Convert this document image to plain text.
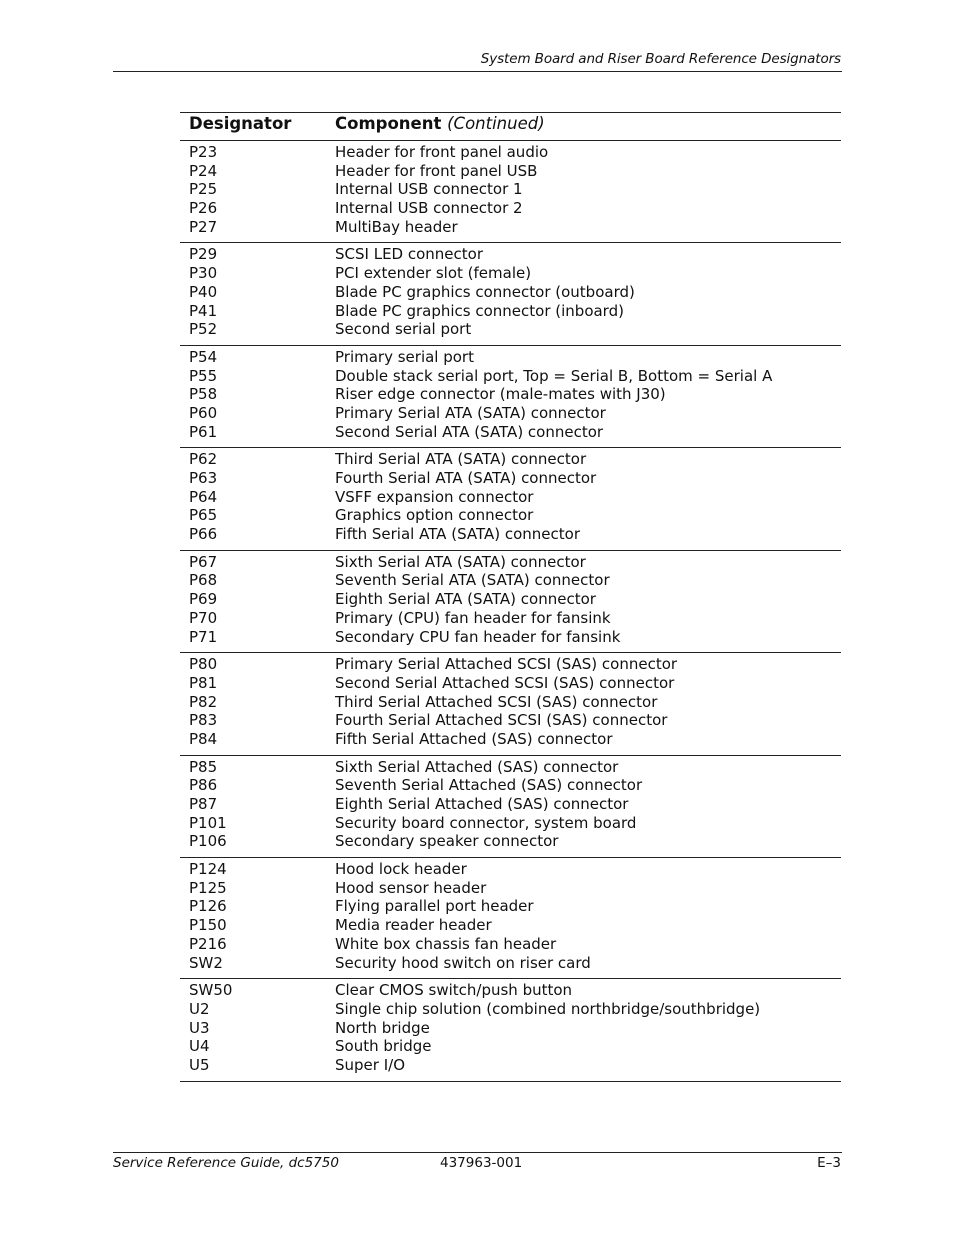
System Board and Riser Board Reference Designators
Designator	Component (Continued)
P23	Header for front panel audio
P24	Header for front panel USB
P25	Internal USB connector 1
P26	Internal USB connector 2
P27	MultiBay header
P29	SCSI LED connector
P30	PCI extender slot (female)
P40	Blade PC graphics connector (outboard)
P41	Blade PC graphics connector (inboard)
P52	Second serial port
P54	Primary serial port
P55	Double stack serial port, Top = Serial B, Bottom = Serial A
P58	Riser edge connector (male-mates with J30)
P60	Primary Serial ATA (SATA) connector
P61	Second Serial ATA (SATA) connector
P62	Third Serial ATA (SATA) connector
P63	Fourth Serial ATA (SATA) connector
P64	VSFF expansion connector
P65	Graphics option connector
P66	Fifth Serial ATA (SATA) connector
P67	Sixth Serial ATA (SATA) connector
P68	Seventh Serial ATA (SATA) connector
P69	Eighth Serial ATA (SATA) connector
P70	Primary (CPU) fan header for fansink
P71	Secondary CPU fan header for fansink
P80	Primary Serial Attached SCSI (SAS) connector
P81	Second Serial Attached SCSI (SAS) connector
P82	Third Serial Attached SCSI (SAS) connector
P83	Fourth Serial Attached SCSI (SAS) connector
P84	Fifth Serial Attached (SAS) connector
P85	Sixth Serial Attached (SAS) connector
P86	Seventh Serial Attached (SAS) connector
P87	Eighth Serial Attached (SAS) connector
P101	Security board connector, system board
P106	Secondary speaker connector
P124	Hood lock header
P125	Hood sensor header
P126	Flying parallel port header
P150	Media reader header
P216	White box chassis fan header
SW2	Security hood switch on riser card
SW50	Clear CMOS switch/push button
U2	Single chip solution (combined northbridge/southbridge)
U3	North bridge
U4	South bridge
U5	Super I/O
Service Reference Guide, dc5750	437963-001	E–3
